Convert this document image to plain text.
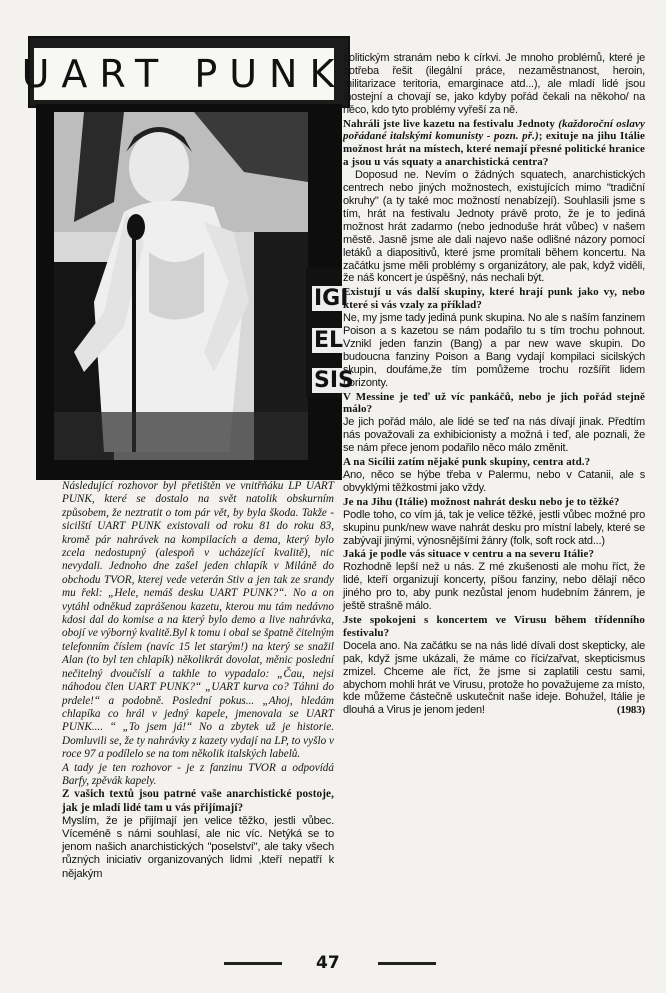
UART PUNK
IGI
EL
SIS

Následující rozhovor byl přetištěn ve vnitřňáku LP UART PUNK, které se dostalo na svět natolik obskurním způsobem, že neztratit o tom pár vět, by byla škoda. Takže - sicilští UART PUNK existovali od roku 81 do roku 83, kromě pár nahrávek na kompilacích a dema, který bylo zcela nedostupný (alespoň v ucházející kvalitě), nic nevydali. Jednoho dne zašel jeden chlapík v Miláně do obchodu TVOR, kterej vede veterán Stiv a jen tak ze srandy mu řekl: „Hele, nemáš desku UART PUNK?“. No a on vytáhl odněkud zaprášenou kazetu, kterou mu tám nedávno kdosi dal do komise a na který bylo demo a live nahrávka, obojí ve výborný kvalitě.Byl k tomu i obal se špatně čitelným telefonním číslem (navíc 15 let starým!) na který se snažil Alan (to byl ten chlapík) několikrát dovolat, měnic poslední nečitelný dvoučíslí a takhle to vypadalo: „Čau, nejsi náhodou člen UART PUNK?“ „UART kurva co? Táhni do prdele!“ a podobně. Poslední pokus... „Ahoj, hledám chlapíka co hrál v jedný kapele, jmenovala se UART PUNK.... “ „To jsem já!“ No a zbytek už je historie. Domluvili se, že ty nahrávky z kazety vydají na LP, to vyšlo v roce 97 a podílelo se na tom několik italských labelů.

A tady je ten rozhovor - je z fanzinu TVOR a odpovídá Barfy, zpěvák kapely.

Z vašich textů jsou patrné vaše anarchistické postoje, jak je mladí lidé tam u vás přijímají?

Myslím, že je přijímají jen velice těžko, jestli vůbec. Víceméně s námi souhlasí, ale nic víc. Netýká se to jenom našich anarchistických "poselství", ale taky všech různých iniciativ organizovaných lidmi ,kteří nepatří k nějakým

politickým stranám nebo k církvi. Je mnoho problémů, které je potřeba řešit (ilegální práce, nezaměstnanost, heroin, militarizace teritoria, emarginace atd...), ale mladí lidé jsou lhostejní a chovají se, jako kdyby pořád čekali na někoho/ na něco, kdo tyto problémy vyřeší za ně.

Nahráli jste live kazetu na festivalu Jednoty (každoroční oslavy pořádané italskými komunisty - pozn. př.); exituje na jihu Itálie možnost hrát na místech, které nemají přesné politické hranice a jsou u vás squaty a anarchistická centra?

Doposud ne. Nevím o žádných squatech, anarchistických centrech nebo jiných možnostech, existujících mimo "tradiční okruhy" (a ty také moc možností nenabízejí). Souhlasili jsme s tím, hrát na festivalu Jednoty právě proto, že je to jediná možnost hrát zadarmo (nebo jednoduše hrát vůbec) v našem městě. Jasně jsme ale dali najevo naše odlišné názory pomocí letáků a diapositivů, které jsme promítali během koncertu. Na začátku jsme měli problémy s organizátory, ale pak, když viděli, že náš koncert je úspěšný, nás nechali být.

Existují u vás další skupiny, které hrají punk jako vy, nebo které si vás vzaly za příklad?

Ne, my jsme tady jediná punk skupina. No ale s naším fanzinem Poison a s kazetou se nám podařilo tu s tím trochu pohnout. Vznikl jeden fanzin (Bang) a par new wave skupin. Do budoucna fanziny Poison a Bang vydají kompilaci sicilských skupin, doufáme,že tím pomůžeme trochu rozšířit lidem horizonty.

V Messine je teď už víc pankáčů, nebo je jich pořád stejně málo?

Je jich pořád málo, ale lidé se teď na nás dívají jinak. Předtím nás považovali za exhibicionisty a možná i teď, ale poznali, že se nám přece jenom podařilo něco málo změnit.

A na Sicílii zatím nějaké punk skupiny, centra atd.?

Ano, něco se hýbe třeba v Palermu, nebo v Catanii, ale s obvyklými těžkostmi jako vždy.

Je na Jihu (Itálie) možnost nahrát desku nebo je to těžké?

Podle toho, co vím já, tak je velice těžké, jestli vůbec možné pro skupinu punk/new wave nahrát desku pro místní labely, které se zabývají jinými, výnosnějšími žánry (folk, soft rock atd...)

Jaká je podle vás situace v centru a na severu Itálie?

Rozhodně lepší než u nás. Z mé zkušenosti ale mohu říct, že lidé, kteří organizují koncerty, píšou fanziny, nebo dělají něco jiného pro to, aby punk nezůstal jenom hudebním žánrem, je ještě strašně málo.

Jste spokojeni s koncertem ve Virusu během třídenního festivalu?

Docela ano. Na začátku se na nás lidé dívali dost skepticky, ale pak, když jsme ukázali, že máme co říci/zařvat, skepticismus zmizel. Chceme ale říct, že jsme si zaplatili cestu sami, abychom mohli hrát ve Virusu, protože ho považujeme za místo, kde můžeme částečně uskutečnit naše ideje. Bohužel, Itálie je dlouhá a Virus je jenom jeden!	(1983)

47
